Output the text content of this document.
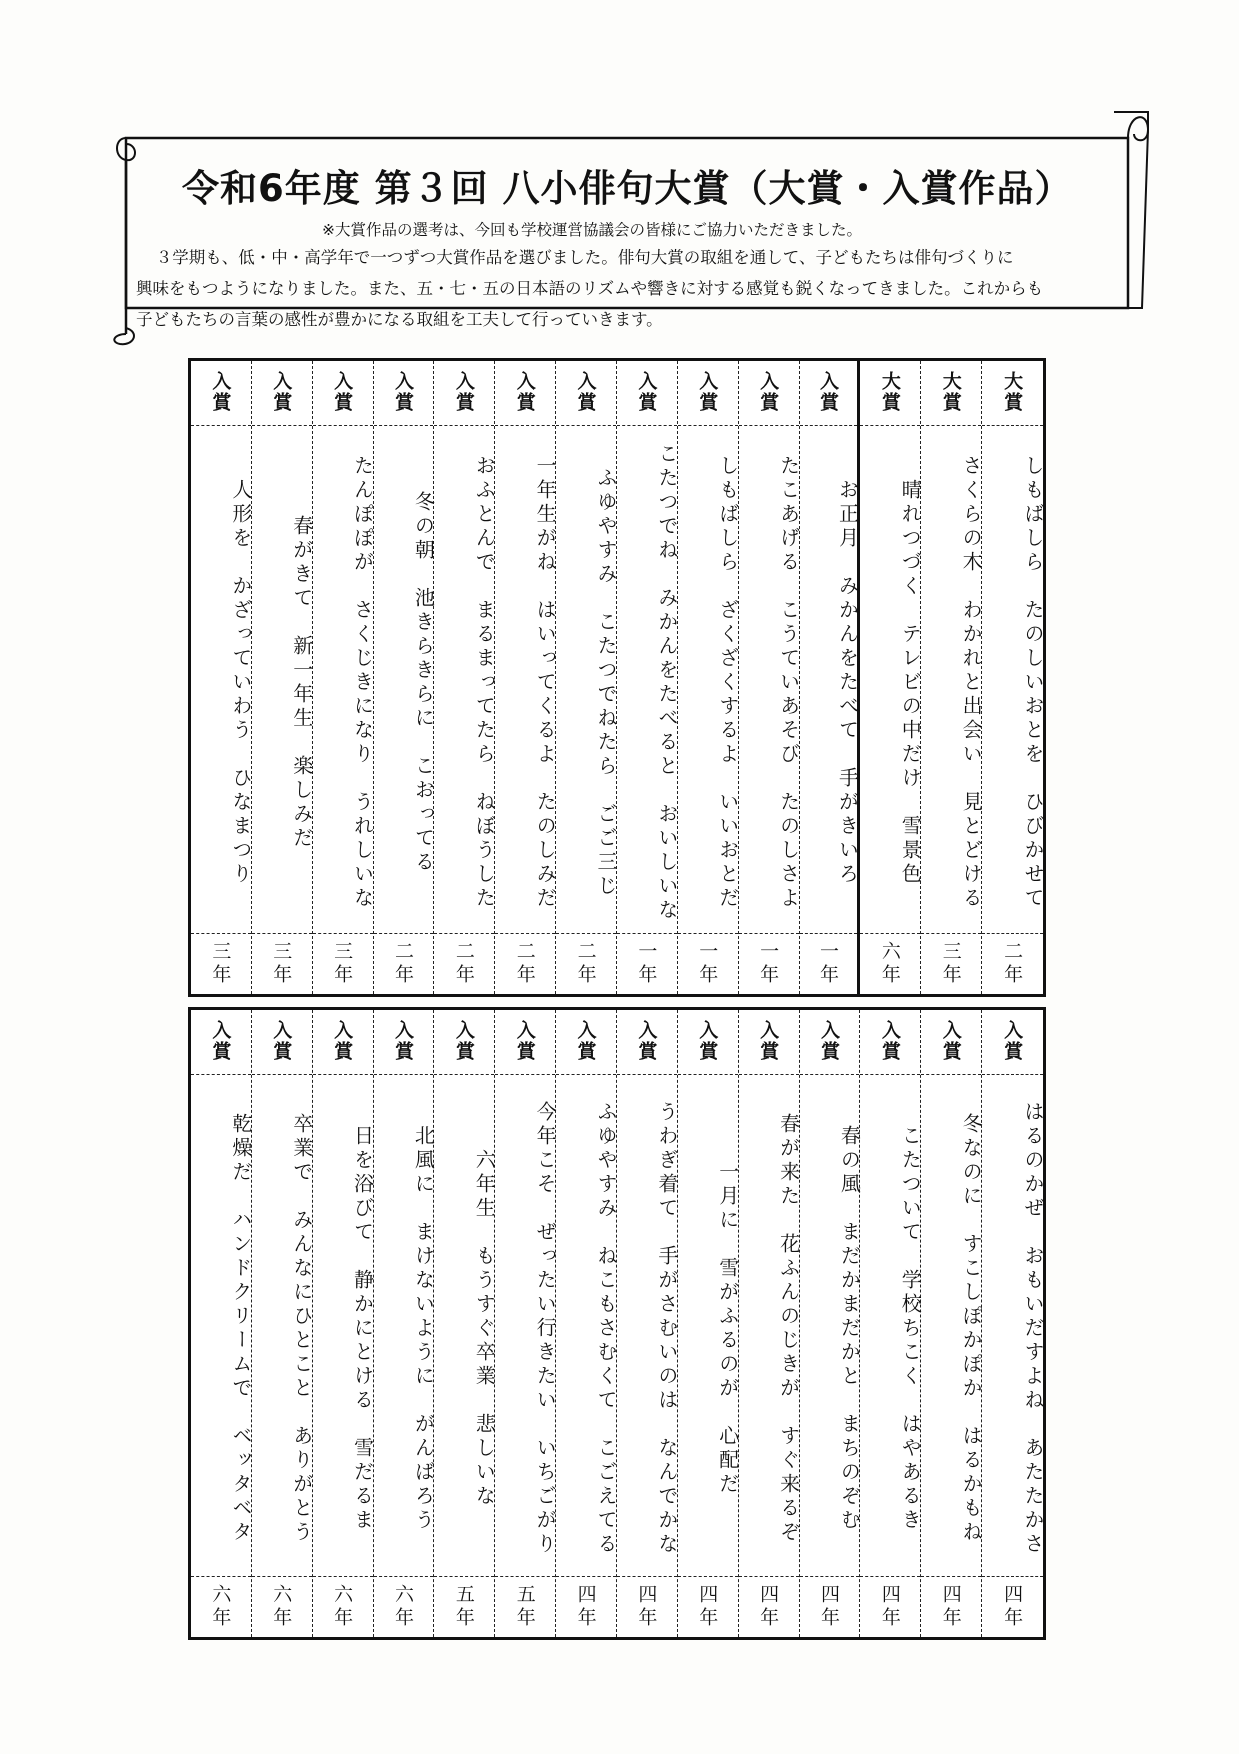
令和6年度 第３回 八小俳句大賞（大賞・入賞作品）
※大賞作品の選考は、今回も学校運営協議会の皆様にご協力いただきました。

３学期も、低・中・高学年で一つずつ大賞作品を選びました。俳句大賞の取組を通して、子どもたちは俳句づくりに

興味をもつようになりました。また、五・七・五の日本語のリズムや響きに対する感覚も鋭くなってきました。これからも

子どもたちの言葉の感性が豊かになる取組を工夫して行っていきます。

大賞
しもばしら　たのしいおとを　ひびかせて
二年
大賞
さくらの木　わかれと出会い　見とどける
三年
大賞
晴れつづく　テレビの中だけ　雪景色
六年
入賞
お正月　みかんをたべて　手がきいろ
一年
入賞
たこあげる　こうていあそび　たのしさよ
一年
入賞
しもばしら　ざくざくするよ　いいおとだ
一年
入賞
こたつでね　みかんをたべると　おいしいな
一年
入賞
ふゆやすみ　こたつでねたら　ごご三じ
二年
入賞
一年生がね　はいってくるよ　たのしみだ
二年
入賞
おふとんで　まるまってたら　ねぼうした
二年
入賞
冬の朝　池きらきらに　こおってる
二年
入賞
たんぽぽが　さくじきになり　うれしいな
三年
入賞
春がきて　新一年生　楽しみだ
三年
入賞
人形を　かざっていわう　ひなまつり
三年
入賞
はるのかぜ　おもいだすよね　あたたかさ
四年
入賞
冬なのに　すこしぽかぽか　はるかもね
四年
入賞
こたついて　学校ちこく　はやあるき
四年
入賞
春の風　まだかまだかと　まちのぞむ
四年
入賞
春が来た　花ふんのじきが　すぐ来るぞ
四年
入賞
一月に　雪がふるのが　心配だ
四年
入賞
うわぎ着て　手がさむいのは　なんでかな
四年
入賞
ふゆやすみ　ねこもさむくて　こごえてる
四年
入賞
今年こそ　ぜったい行きたい　いちごがり
五年
入賞
六年生　もうすぐ卒業　悲しいな
五年
入賞
北風に　まけないように　がんばろう
六年
入賞
日を浴びて　静かにとける　雪だるま
六年
入賞
卒業で　みんなにひとこと　ありがとう
六年
入賞
乾燥だ　ハンドクリームで　ベッタベタ
六年
